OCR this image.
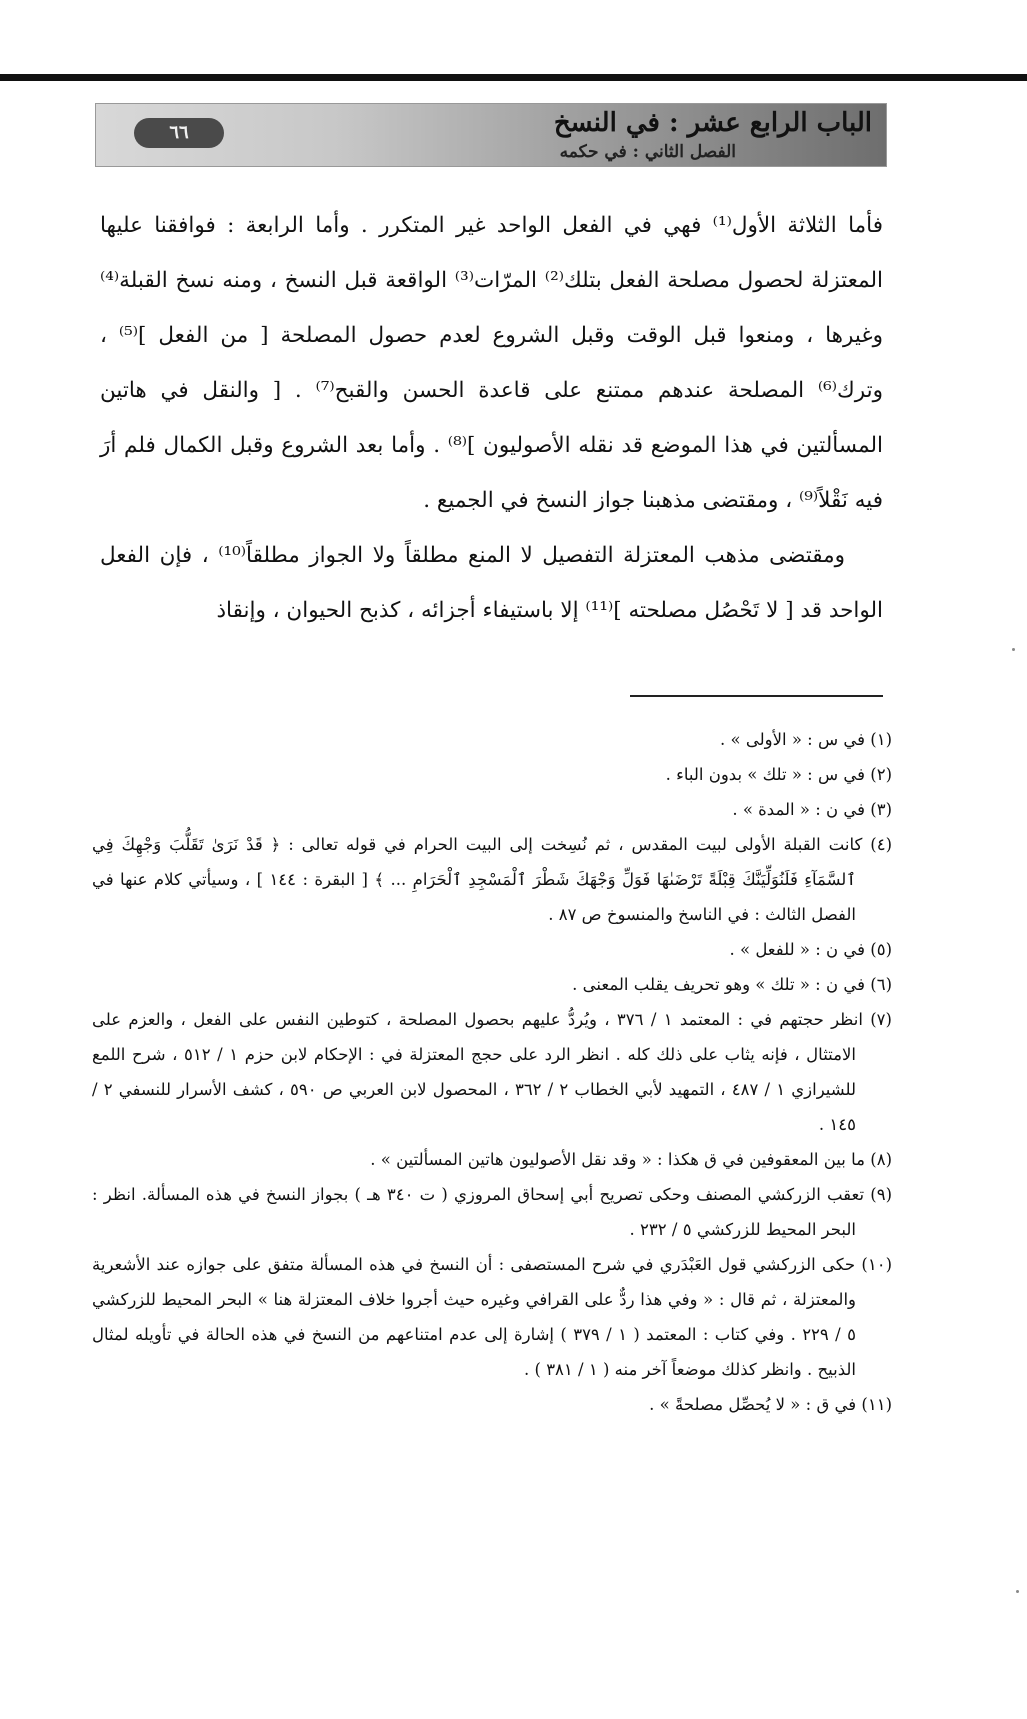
الباب الرابع عشر : في النسخ
الفصل الثاني : في حكمه
٦٦

فأما الثلاثة الأول⁽¹⁾ فهي في الفعل الواحد غير المتكرر . وأما الرابعة : فوافقنا عليها المعتزلة لحصول مصلحة الفعل بتلك⁽²⁾ المرّات⁽³⁾ الواقعة قبل النسخ ، ومنه نسخ القبلة⁽⁴⁾ وغيرها ، ومنعوا قبل الوقت وقبل الشروع لعدم حصول المصلحة [ من الفعل ]⁽⁵⁾ ، وترك⁽⁶⁾ المصلحة عندهم ممتنع على قاعدة الحسن والقبح⁽⁷⁾ . [ والنقل في هاتين المسألتين في هذا الموضع قد نقله الأصوليون ]⁽⁸⁾ . وأما بعد الشروع وقبل الكمال فلم أرَ فيه نَقْلاً⁽⁹⁾ ، ومقتضى مذهبنا جواز النسخ في الجميع .

ومقتضى مذهب المعتزلة التفصيل لا المنع مطلقاً ولا الجواز مطلقاً⁽¹⁰⁾ ، فإن الفعل الواحد قد [ لا تَحْصُل مصلحته ]⁽¹¹⁾ إلا باستيفاء أجزائه ، كذبح الحيوان ، وإنقاذ

(١) في س : « الأولى » .

(٢) في س : « تلك » بدون الباء .

(٣) في ن : « المدة » .

(٤) كانت القبلة الأولى لبيت المقدس ، ثم نُسِخت إلى البيت الحرام في قوله تعالى : ﴿ قَدْ نَرَىٰ تَقَلُّبَ وَجْهِكَ فِي ٱلسَّمَآءِ فَلَنُوَلِّيَنَّكَ قِبْلَةً تَرْضَىٰهَا فَوَلِّ وَجْهَكَ شَطْرَ ٱلْمَسْجِدِ ٱلْحَرَامِ ... ﴾ [ البقرة : ١٤٤ ] ، وسيأتي كلام عنها في الفصل الثالث : في الناسخ والمنسوخ ص ٨٧ .

(٥) في ن : « للفعل » .

(٦) في ن : « تلك » وهو تحريف يقلب المعنى .

(٧) انظر حجتهم في : المعتمد ١ / ٣٧٦ ، ويُردُّ عليهم بحصول المصلحة ، كتوطين النفس على الفعل ، والعزم على الامتثال ، فإنه يثاب على ذلك كله . انظر الرد على حجج المعتزلة في : الإحكام لابن حزم ١ / ٥١٢ ، شرح اللمع للشيرازي ١ / ٤٨٧ ، التمهيد لأبي الخطاب ٢ / ٣٦٢ ، المحصول لابن العربي ص ٥٩٠ ، كشف الأسرار للنسفي ٢ / ١٤٥ .

(٨) ما بين المعقوفين في ق هكذا : « وقد نقل الأصوليون هاتين المسألتين » .

(٩) تعقب الزركشي المصنف وحكى تصريح أبي إسحاق المروزي ( ت ٣٤٠ هـ ) بجواز النسخ في هذه المسألة. انظر : البحر المحيط للزركشي ٥ / ٢٣٢ .

(١٠) حكى الزركشي قول العَبْدَري في شرح المستصفى : أن النسخ في هذه المسألة متفق على جوازه عند الأشعرية والمعتزلة ، ثم قال : « وفي هذا ردٌّ على القرافي وغيره حيث أجروا خلاف المعتزلة هنا » البحر المحيط للزركشي ٥ / ٢٢٩ . وفي كتاب : المعتمد ( ١ / ٣٧٩ ) إشارة إلى عدم امتناعهم من النسخ في هذه الحالة في تأويله لمثال الذبيح . وانظر كذلك موضعاً آخر منه ( ١ / ٣٨١ ) .

(١١) في ق : « لا يُحصِّل مصلحةً » .
